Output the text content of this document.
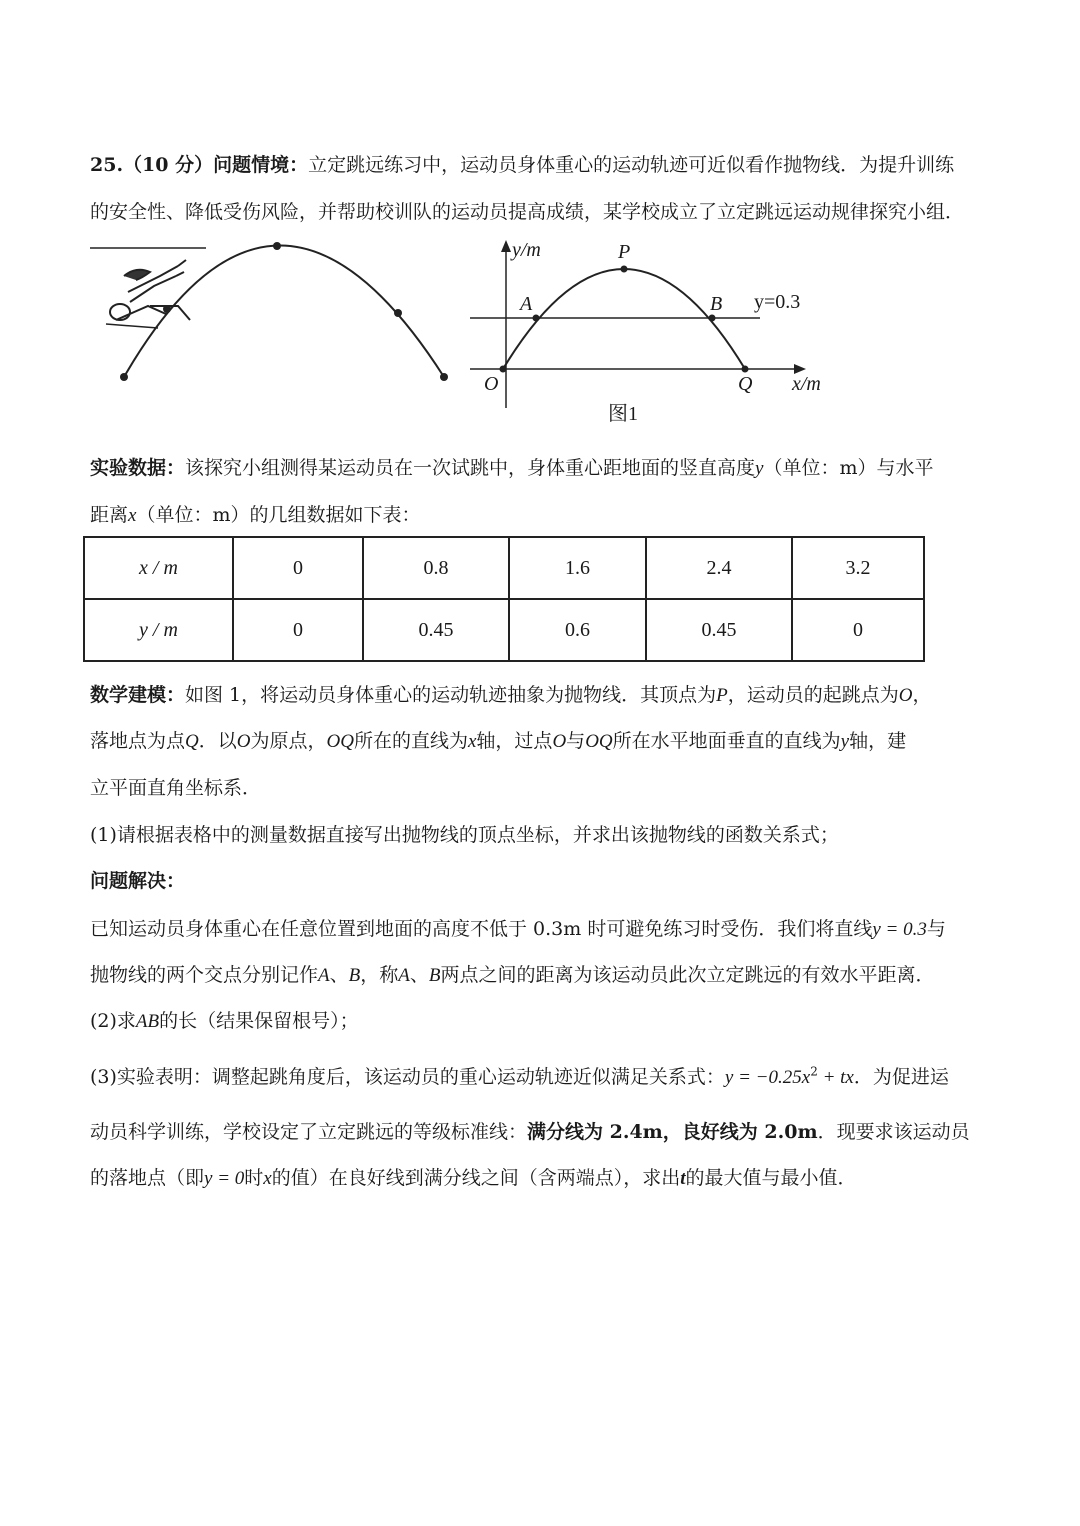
25.（10 分）问题情境：立定跳远练习中，运动员身体重心的运动轨迹可近似看作抛物线．为提升训练
的安全性、降低受伤风险，并帮助校训队的运动员提高成绩，某学校成立了立定跳远运动规律探究小组．
y/m	P
A	B y=0.3
O	Q x/m
图1
实验数据：该探究小组测得某运动员在一次试跳中，身体重心距地面的竖直高度y（单位：m）与水平
距离x（单位：m）的几组数据如下表：
x / m	0	0.8	1.6	2.4	3.2
y / m	0	0.45	0.6	0.45	0
数学建模：如图 1，将运动员身体重心的运动轨迹抽象为抛物线．其顶点为P，运动员的起跳点为O，
落地点为点Q．以O为原点，OQ所在的直线为x轴，过点O与OQ所在水平地面垂直的直线为y轴，建
立平面直角坐标系．
(1)请根据表格中的测量数据直接写出抛物线的顶点坐标，并求出该抛物线的函数关系式；
问题解决：
已知运动员身体重心在任意位置到地面的高度不低于 0.3m 时可避免练习时受伤．我们将直线y = 0.3与
抛物线的两个交点分别记作A、B，称A、B两点之间的距离为该运动员此次立定跳远的有效水平距离．
(2)求AB的长（结果保留根号）；
(3)实验表明：调整起跳角度后，该运动员的重心运动轨迹近似满足关系式：$y = -0.25x^2$ + tx．为促进运
动员科学训练，学校设定了立定跳远的等级标准线：满分线为 2.4m，良好线为 2.0m．现要求该运动员
的落地点（即y = 0时x的值）在良好线到满分线之间（含两端点），求出t的最大值与最小值．
